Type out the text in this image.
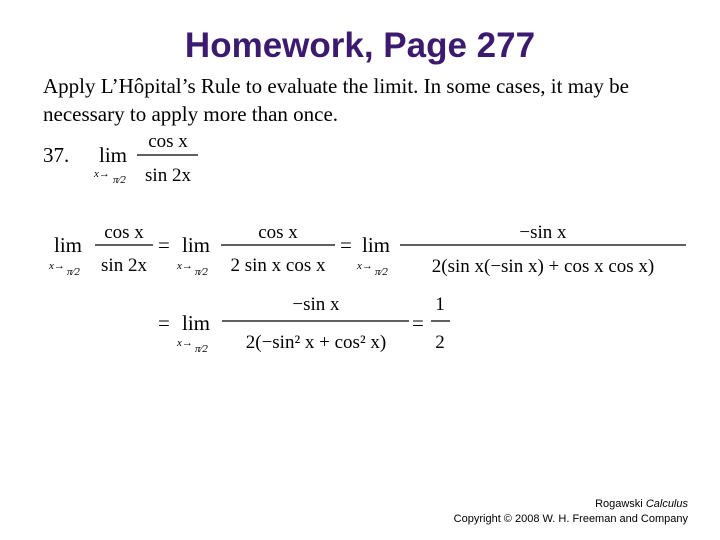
Homework, Page 277
Apply L’Hôpital’s Rule to evaluate the limit. In some cases, it may be necessary to apply more than once.
37. lim
x→ π⁄2
cos x
sin 2x
lim
x→ π⁄2
cos x
sin 2x
= lim
x→ π⁄2
cos x
2 sin x cos x
= lim
x→ π⁄2
−sin x
2(sin x(−sin x) + cos x cos x)
= lim
x→ π⁄2
−sin x
2(−sin² x + cos² x)
=
1
2
Rogawski Calculus
Copyright © 2008 W. H. Freeman and Company
